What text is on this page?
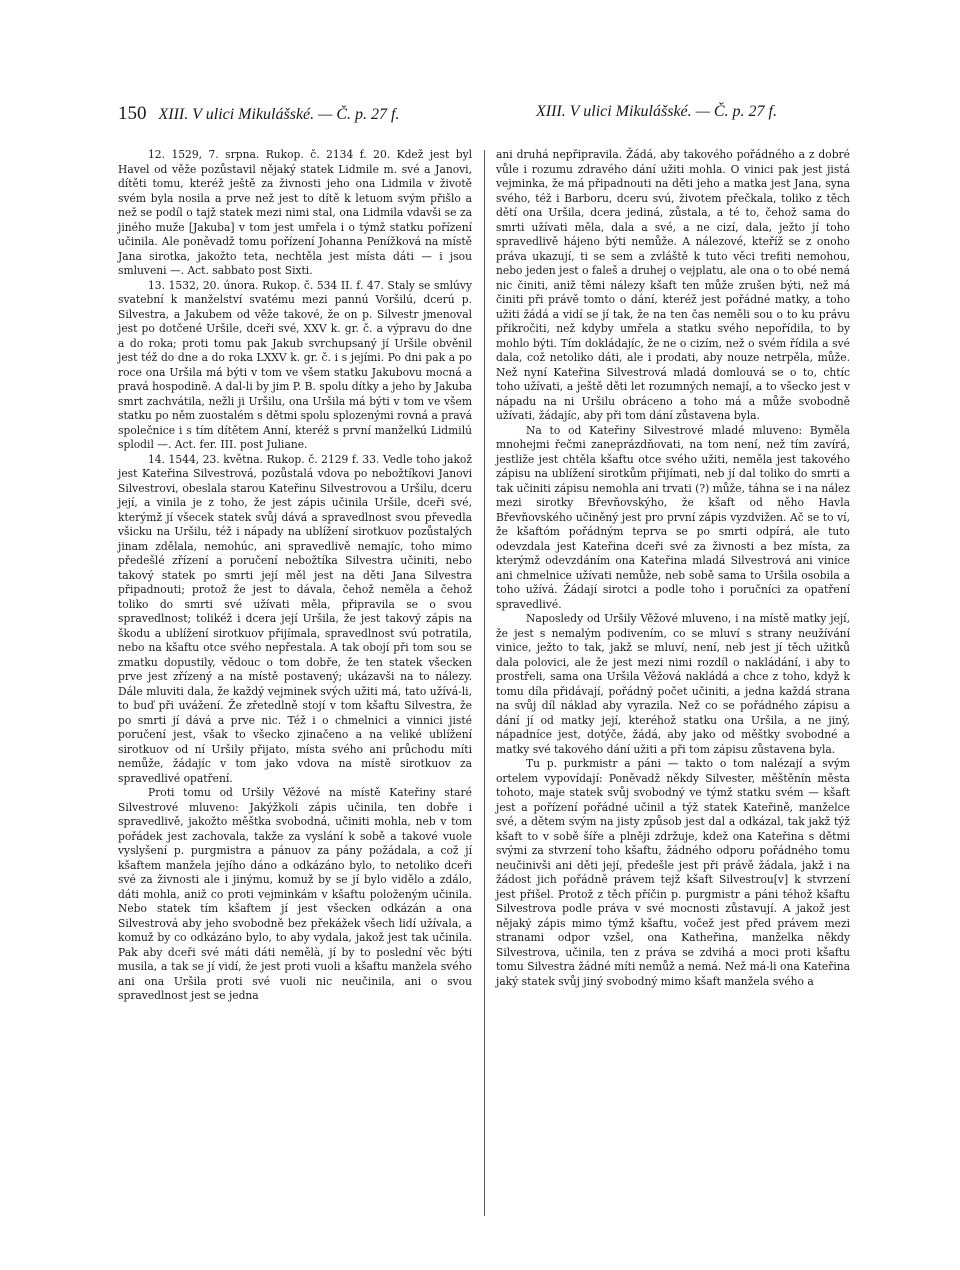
150 XIII. V ulici Mikulášské. — Č. p. 27 f.	XIII. V ulici Mikulášské. — Č. p. 27 f.

12. 1529, 7. srpna. Rukop. č. 2134 f. 20. Kdež jest byl Havel od věže pozůstavil nějaký statek Lidmile m. své a Janovi, dítěti tomu, kteréž ještě za živnosti jeho ona Lidmila v životě svém byla nosila a prve než jest to dítě k letuom svým přišlo a než se podíl o tajž statek mezi nimi stal, ona Lidmila vdavši se za jiného muže [Jakuba] v tom jest umřela i o týmž statku pořízení učinila. Ale poněvadž tomu pořízení Johanna Penížková na místě Jana sirotka, jakožto teta, nechtěla jest místa dáti — i jsou smluveni —. Act. sabbato post Sixti.

13. 1532, 20. února. Rukop. č. 534 II. f. 47. Staly se smlúvy svatební k manželství svatému mezi pannú Voršilú, dcerú p. Silvestra, a Jakubem od věže takové, že on p. Silvestr jmenoval jest po dotčené Uršile, dceři své, XXV k. gr. č. a výpravu do dne a do roka; proti tomu pak Jakub svrchupsaný jí Uršile obvěnil jest též do dne a do roka LXXV k. gr. č. i s jejími. Po dni pak a po roce ona Uršila má býti v tom ve všem statku Jakubovu mocná a pravá hospodině. A dal-li by jim P. B. spolu dítky a jeho by Jakuba smrt zachvátila, nežli ji Uršilu, ona Uršila má býti v tom ve všem statku po něm zuostalém s dětmi spolu splozenými rovná a pravá společnice i s tím dítětem Anní, kteréž s první manželkú Lidmilú splodil —. Act. fer. III. post Juliane.

14. 1544, 23. května. Rukop. č. 2129 f. 33. Vedle toho jakož jest Kateřina Silvestrová, pozůstalá vdova po nebožtíkovi Janovi Silvestrovi, obeslala starou Kateřinu Silvestrovou a Uršilu, dceru její, a vinila je z toho, že jest zápis učinila Uršile, dceři své, kterýmž jí všecek statek svůj dává a spravedlnost svou převedla všicku na Uršilu, též i nápady na ublížení sirotkuov pozůstalých jinam zdělala, nemohúc, ani spravedlivě nemajíc, toho mimo předešlé zřízení a poručení nebožtíka Silvestra učiniti, nebo takový statek po smrti její měl jest na děti Jana Silvestra připadnouti; protož že jest to dávala, čehož neměla a čehož toliko do smrti své užívati měla, připravila se o svou spravedlnost; tolikéž i dcera její Uršila, že jest takový zápis na škodu a ublížení sirotkuov přijímala, spravedlnost svú potratila, nebo na kšaftu otce svého nepřestala. A tak obojí při tom sou se zmatku dopustily, vědouc o tom dobře, že ten statek všecken prve jest zřízený a na místě postavený; ukázavši na to nálezy. Dále mluviti dala, že každý vejminek svých užiti má, tato užívá-li, to buď při uvážení. Že zřetedlně stojí v tom kšaftu Silvestra, že po smrti jí dává a prve nic. Též i o chmelnici a vinnici jisté poručení jest, však to všecko zjinačeno a na veliké ublížení sirotkuov od ní Uršily přijato, místa svého ani průchodu míti nemůže, žádajíc v tom jako vdova na místě sirotkuov za spravedlivé opatření.

Proti tomu od Uršily Věžové na místě Kateřiny staré Silvestrové mluveno: Jakýžkoli zápis učinila, ten dobře i spravedlivě, jakožto měštka svobodná, učiniti mohla, neb v tom pořádek jest zachovala, takže za vyslání k sobě a takové vuole vyslyšení p. purgmistra a pánuov za pány požádala, a což jí kšaftem manžela jejího dáno a odkázáno bylo, to netoliko dceři své za živnosti ale i jinýmu, komuž by se jí bylo vidělo a zdálo, dáti mohla, aniž co proti vejminkám v kšaftu položeným učinila. Nebo statek tím kšaftem jí jest všecken odkázán a ona Silvestrová aby jeho svobodně bez překážek všech lidí užívala, a komuž by co odkázáno bylo, to aby vydala, jakož jest tak učinila. Pak aby dceři své máti dáti nemělà, jí by to poslední věc býti musila, a tak se jí vidí, že jest proti vuoli a kšaftu manžela svého ani ona Uršila proti své vuoli nic neučinila, ani o svou spravedlnost jest se jedna

ani druhá nepřipravila. Žádá, aby takového pořádného a z dobré vůle i rozumu zdravého dání užiti mohla. O vinici pak jest jistá vejminka, že má připadnouti na děti jeho a matka jest Jana, syna svého, též i Barboru, dceru svú, životem přečkala, toliko z těch dětí ona Uršila, dcera jediná, zůstala, a té to, čehož sama do smrti užívati měla, dala a své, a ne cizí, dala, ježto jí toho spravedlivě hájeno býti nemůže. A nálezové, kteříž se z onoho práva ukazují, ti se sem a zvláště k tuto věci trefiti nemohou, nebo jeden jest o faleš a druhej o vejplatu, ale ona o to obé nemá nic činiti, aniž těmi nálezy kšaft ten může zrušen býti, než má činiti při právě tomto o dání, kteréž jest pořádné matky, a toho užiti žádá a vidí se jí tak, že na ten čas neměli sou o to ku právu přikročiti, než kdyby umřela a statku svého nepořídila, to by mohlo býti. Tím dokládajíc, že ne o cizím, než o svém řídila a své dala, což netoliko dáti, ale i prodati, aby nouze netrpěla, může. Než nyní Kateřina Silvestrová mladá domlouvá se o to, chtíc toho užívati, a ještě děti let rozumných nemají, a to všecko jest v nápadu na ni Uršilu obráceno a toho má a může svobodně užívati, žádajíc, aby při tom dání zůstavena byla.

Na to od Kateřiny Silvestrové mladé mluveno: Byměla mnohejmi řečmi zaneprázdňovati, na tom není, než tím zavírá, jestliže jest chtěla kšaftu otce svého užiti, neměla jest takového zápisu na ublížení sirotkům přijímati, neb jí dal toliko do smrti a tak učiniti zápisu nemohla ani trvati (?) může, táhna se i na nález mezi sirotky Břevňovskýho, že kšaft od něho Havla Břevňovského učiněný jest pro první zápis vyzdvižen. Ač se to ví, že kšaftóm pořádným teprva se po smrti odpírá, ale tuto odevzdala jest Kateřina dceři své za živnosti a bez místa, za kterýmž odevzdáním ona Kateřina mladá Silvestrová ani vinice ani chmelnice užívati nemůže, neb sobě sama to Uršila osobila a toho užívá. Žádají sirotci a podle toho i poručníci za opatření spravedlivé.

Naposledy od Uršily Věžové mluveno, i na místě matky její, že jest s nemalým podivením, co se mluví s strany neužívání vinice, ježto to tak, jakž se mluví, není, neb jest jí těch užitků dala polovici, ale že jest mezi nimi rozdíl o nakládání, i aby to prostřeli, sama ona Uršila Věžová nakládá a chce z toho, když k tomu díla přidávají, pořádný počet učiniti, a jedna každá strana na svůj díl náklad aby vyrazila. Než co se pořádného zápisu a dání jí od matky její, kteréhož statku ona Uršila, a ne jiný, nápadníce jest, dotýče, žádá, aby jako od měštky svobodné a matky své takového dání užiti a při tom zápisu zůstavena byla.

Tu p. purkmistr a páni — takto o tom nalézají a svým ortelem vypovídají: Poněvadž někdy Silvester, měštěnín města tohoto, maje statek svůj svobodný ve týmž statku svém — kšaft jest a pořízení pořádné učinil a týž statek Kateřině, manželce své, a dětem svým na jisty způsob jest dal a odkázal, tak jakž týž kšaft to v sobě šíře a plněji zdržuje, kdež ona Kateřina s dětmi svými za stvrzení toho kšaftu, žádného odporu pořádného tomu neučinivši ani děti její, předešle jest při právě žádala, jakž i na žádost jich pořádně právem tejž kšaft Silvestrou[v] k stvrzení jest přišel. Protož z těch příčin p. purgmistr a páni téhož kšaftu Silvestrova podle práva v své mocnosti zůstavují. A jakož jest nějaký zápis mimo týmž kšaftu, vočež jest před právem mezi stranami odpor vzšel, ona Katheřina, manželka někdy Silvestrova, učinila, ten z práva se zdvihá a moci proti kšaftu tomu Silvestra žádné míti nemůž a nemá. Než má-li ona Kateřina jaký statek svůj jiný svobodný mimo kšaft manžela svého a
